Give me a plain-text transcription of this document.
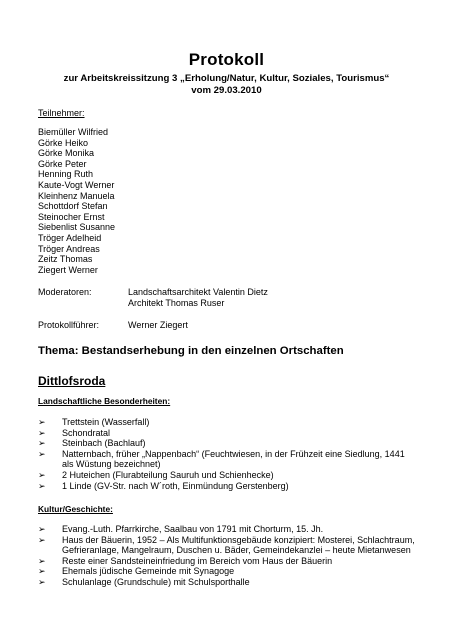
Protokoll
zur Arbeitskreissitzung 3 „Erholung/Natur, Kultur, Soziales, Tourismus“
vom 29.03.2010
Teilnehmer:
Biemüller Wilfried
Görke Heiko
Görke Monika
Görke Peter
Henning Ruth
Kaute-Vogt Werner
Kleinhenz Manuela
Schottdorf Stefan
Steinocher Ernst
Siebenlist Susanne
Tröger Adelheid
Tröger Andreas
Zeitz Thomas
Ziegert Werner
Moderatoren:	Landschaftsarchitekt Valentin Dietz
Architekt Thomas Ruser
Protokollführer:	Werner Ziegert
Thema: Bestandserhebung in den einzelnen Ortschaften
Dittlofsroda
Landschaftliche Besonderheiten:
➢ Trettstein (Wasserfall)
➢ Schondratal
➢ Steinbach (Bachlauf)
➢ Natternbach, früher „Nappenbach“ (Feuchtwiesen, in der Frühzeit eine Siedlung, 1441 als Wüstung bezeichnet)
➢ 2 Huteichen (Flurabteilung Sauruh und Schienhecke)
➢ 1 Linde (GV-Str. nach W´roth, Einmündung Gerstenberg)
Kultur/Geschichte:
➢ Evang.-Luth. Pfarrkirche, Saalbau von 1791 mit Chorturm, 15. Jh.
➢ Haus der Bäuerin, 1952 – Als Multifunktionsgebäude konzipiert: Mosterei, Schlachtraum, Gefrieranlage, Mangelraum, Duschen u. Bäder, Gemeindekanzlei – heute Mietanwesen
➢ Reste einer Sandsteineinfriedung im Bereich vom Haus der Bäuerin
➢ Ehemals jüdische Gemeinde mit Synagoge
➢ Schulanlage (Grundschule) mit Schulsporthalle
